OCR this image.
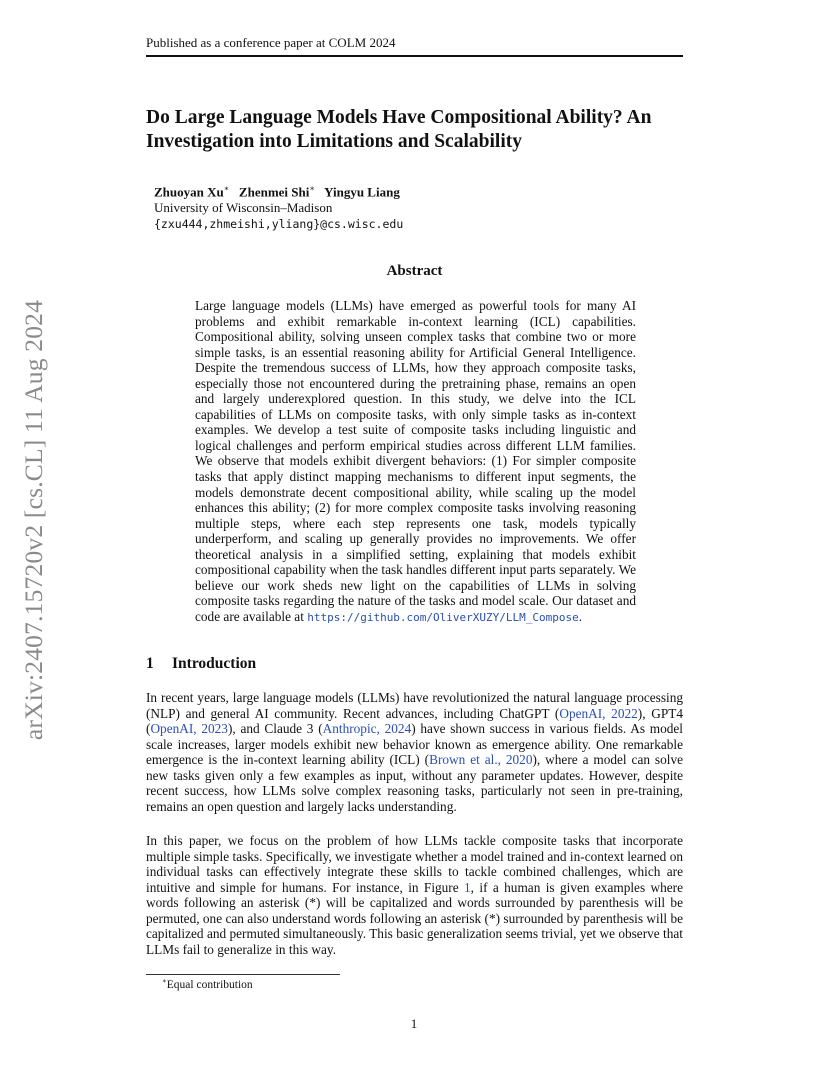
arXiv:2407.15720v2 [cs.CL] 11 Aug 2024
Published as a conference paper at COLM 2024
Do Large Language Models Have Compositional Ability? An Investigation into Limitations and Scalability
Zhuoyan Xu∗ Zhenmei Shi∗ Yingyu Liang
University of Wisconsin–Madison
{zxu444,zhmeishi,yliang}@cs.wisc.edu
Abstract

Large language models (LLMs) have emerged as powerful tools for many AI problems and exhibit remarkable in-context learning (ICL) capabilities. Compositional ability, solving unseen complex tasks that combine two or more simple tasks, is an essential reasoning ability for Artificial General Intelligence. Despite the tremendous success of LLMs, how they approach composite tasks, especially those not encountered during the pretraining phase, remains an open and largely underexplored question. In this study, we delve into the ICL capabilities of LLMs on composite tasks, with only simple tasks as in-context examples. We develop a test suite of composite tasks including linguistic and logical challenges and perform empirical studies across different LLM families. We observe that models exhibit divergent behaviors: (1) For simpler composite tasks that apply distinct mapping mechanisms to different input segments, the models demonstrate decent compositional ability, while scaling up the model enhances this ability; (2) for more complex composite tasks involving reasoning multiple steps, where each step represents one task, models typically underperform, and scaling up generally provides no improvements. We offer theoretical analysis in a simplified setting, explaining that models exhibit compositional capability when the task handles different input parts separately. We believe our work sheds new light on the capabilities of LLMs in solving composite tasks regarding the nature of the tasks and model scale. Our dataset and code are available at https://github.com/OliverXUZY/LLM_Compose.

1 Introduction

In recent years, large language models (LLMs) have revolutionized the natural language processing (NLP) and general AI community. Recent advances, including ChatGPT (OpenAI, 2022), GPT4 (OpenAI, 2023), and Claude 3 (Anthropic, 2024) have shown success in various fields. As model scale increases, larger models exhibit new behavior known as emergence ability. One remarkable emergence is the in-context learning ability (ICL) (Brown et al., 2020), where a model can solve new tasks given only a few examples as input, without any parameter updates. However, despite recent success, how LLMs solve complex reasoning tasks, particularly not seen in pre-training, remains an open question and largely lacks understanding.

In this paper, we focus on the problem of how LLMs tackle composite tasks that incorporate multiple simple tasks. Specifically, we investigate whether a model trained and in-context learned on individual tasks can effectively integrate these skills to tackle combined challenges, which are intuitive and simple for humans. For instance, in Figure 1, if a human is given examples where words following an asterisk (*) will be capitalized and words surrounded by parenthesis will be permuted, one can also understand words following an asterisk (*) surrounded by parenthesis will be capitalized and permuted simultaneously. This basic generalization seems trivial, yet we observe that LLMs fail to generalize in this way.

∗Equal contribution
1
